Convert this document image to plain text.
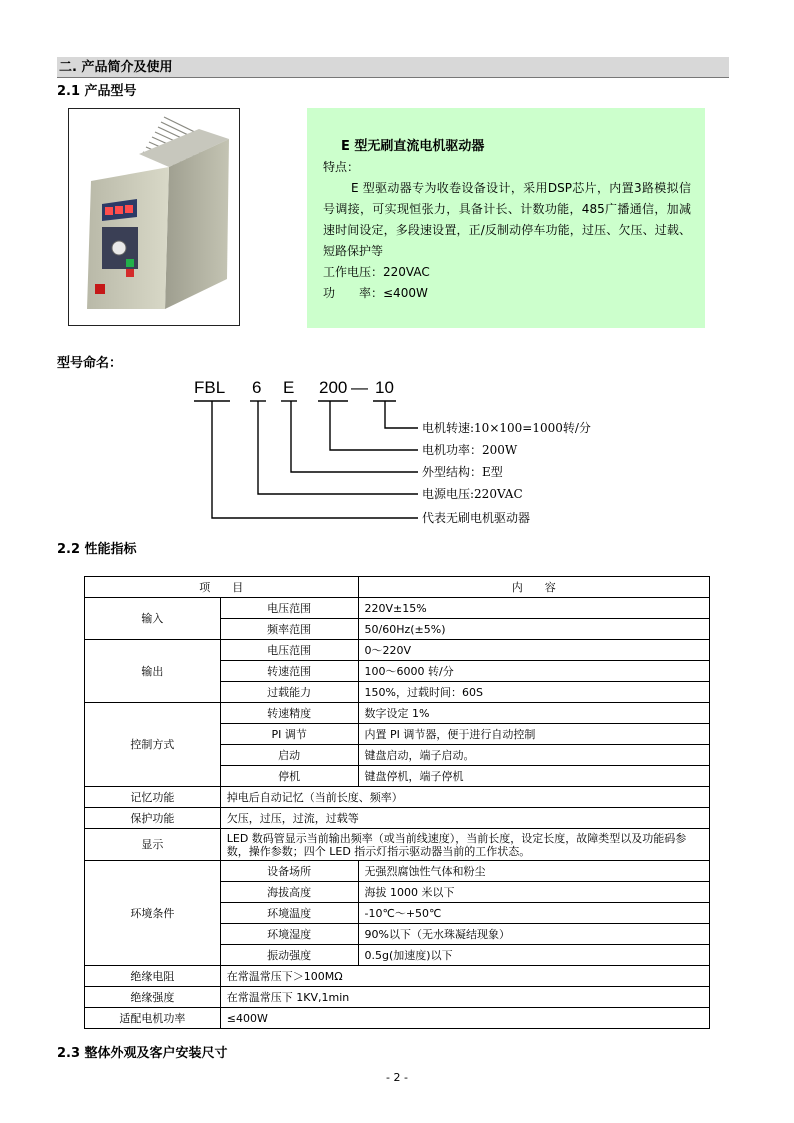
二. 产品简介及使用
2.1 产品型号
E 型无刷直流电机驱动器
特点：
E 型驱动器专为收卷设备设计，采用DSP芯片，内置3路模拟信号调接，可实现恒张力，具备计长、计数功能，485广播通信，加减速时间设定，多段速设置，正/反制动停车功能，过压、欠压、过载、短路保护等
工作电压：220VAC
功　　率：≤400W
型号命名：
FBL 6 E 200 — 10
电机转速:10×100=1000转/分
电机功率：200W
外型结构：E型
电源电压:220VAC
代表无刷电机驱动器
2.2 性能指标
项　　目		内　　容
输入	电压范围	220V±15%
	频率范围	50/60Hz(±5%)
输出	电压范围	0～220V
	转速范围	100～6000 转/分
	过载能力	150%，过载时间：60S
控制方式	转速精度	数字设定 1%
	PI 调节	内置 PI 调节器，便于进行自动控制
	启动	键盘启动，端子启动。
	停机	键盘停机，端子停机
记忆功能	掉电后自动记忆（当前长度、频率）	
保护功能	欠压，过压，过流，过载等	
显示	LED 数码管显示当前输出频率（或当前线速度），当前长度，设定长度，故障类型以及功能码参数，操作参数；四个 LED 指示灯指示驱动器当前的工作状态。	
环境条件	设备场所	无强烈腐蚀性气体和粉尘
	海拔高度	海拔 1000 米以下
	环境温度	-10℃～+50℃
	环境湿度	90%以下（无水珠凝结现象）
	振动强度	0.5g(加速度)以下
绝缘电阻	在常温常压下＞100MΩ	
绝缘强度	在常温常压下 1KV,1min	
适配电机功率	≤400W	
2.3 整体外观及客户安装尺寸
- 2 -
